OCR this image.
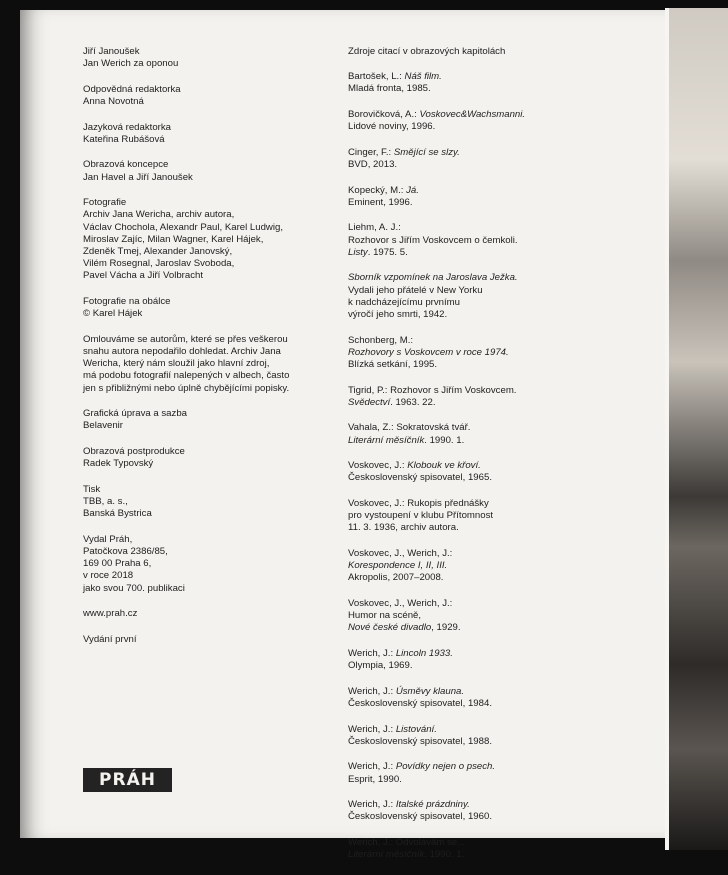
Jiří Janoušek
Jan Werich za oponou
Odpovědná redaktorka
Anna Novotná
Jazyková redaktorka
Kateřina Rubášová
Obrazová koncepce
Jan Havel a Jiří Janoušek
Fotografie
Archiv Jana Wericha, archiv autora,
Václav Chochola, Alexandr Paul, Karel Ludwig,
Miroslav Zajíc, Milan Wagner, Karel Hájek,
Zdeněk Tmej, Alexander Janovský,
Vilém Rosegnal, Jaroslav Svoboda,
Pavel Vácha a Jiří Volbracht
Fotografie na obálce
© Karel Hájek
Omlouváme se autorům, které se přes veškerou
snahu autora nepodařilo dohledat. Archiv Jana
Wericha, který nám sloužil jako hlavní zdroj,
má podobu fotografií nalepených v albech, často
jen s přibližnými nebo úplně chybějícími popisky.
Grafická úprava a sazba
Belavenir
Obrazová postprodukce
Radek Typovský
Tisk
TBB, a. s.,
Banská Bystrica
Vydal Práh,
Patočkova 2386/85,
169 00 Praha 6,
v roce 2018
jako svou 700. publikaci
www.prah.cz
Vydání první
Zdroje citací v obrazových kapitolách
Bartošek, L.: Náš film.
Mladá fronta, 1985.
Borovičková, A.: Voskovec&Wachsmanni.
Lidové noviny, 1996.
Cinger, F.: Smějící se slzy.
BVD, 2013.
Kopecký, M.: Já.
Eminent, 1996.
Liehm, A. J.:
Rozhovor s Jiřím Voskovcem o čemkoli.
Listy. 1975. 5.
Sborník vzpomínek na Jaroslava Ježka.
Vydali jeho přátelé v New Yorku
k nadcházejícímu prvnímu
výročí jeho smrti, 1942.
Schonberg, M.:
Rozhovory s Voskovcem v roce 1974.
Blízká setkání, 1995.
Tigrid, P.: Rozhovor s Jiřím Voskovcem.
Svědectví. 1963. 22.
Vahala, Z.: Sokratovská tvář.
Literární měsíčník. 1990. 1.
Voskovec, J.: Klobouk ve křoví.
Československý spisovatel, 1965.
Voskovec, J.: Rukopis přednášky
pro vystoupení v klubu Přítomnost
11. 3. 1936, archiv autora.
Voskovec, J., Werich, J.:
Korespondence I, II, III.
Akropolis, 2007–2008.
Voskovec, J., Werich, J.:
Humor na scéně,
Nové české divadlo, 1929.
Werich, J.: Lincoln 1933.
Olympia, 1969.
Werich, J.: Úsměvy klauna.
Československý spisovatel, 1984.
Werich, J.: Listování.
Československý spisovatel, 1988.
Werich, J.: Povídky nejen o psech.
Esprit, 1990.
Werich, J.: Italské prázdniny.
Československý spisovatel, 1960.
Werich, J.: Odvolávám se...
Literární měsíčník. 1990. 1.
PRÁH
